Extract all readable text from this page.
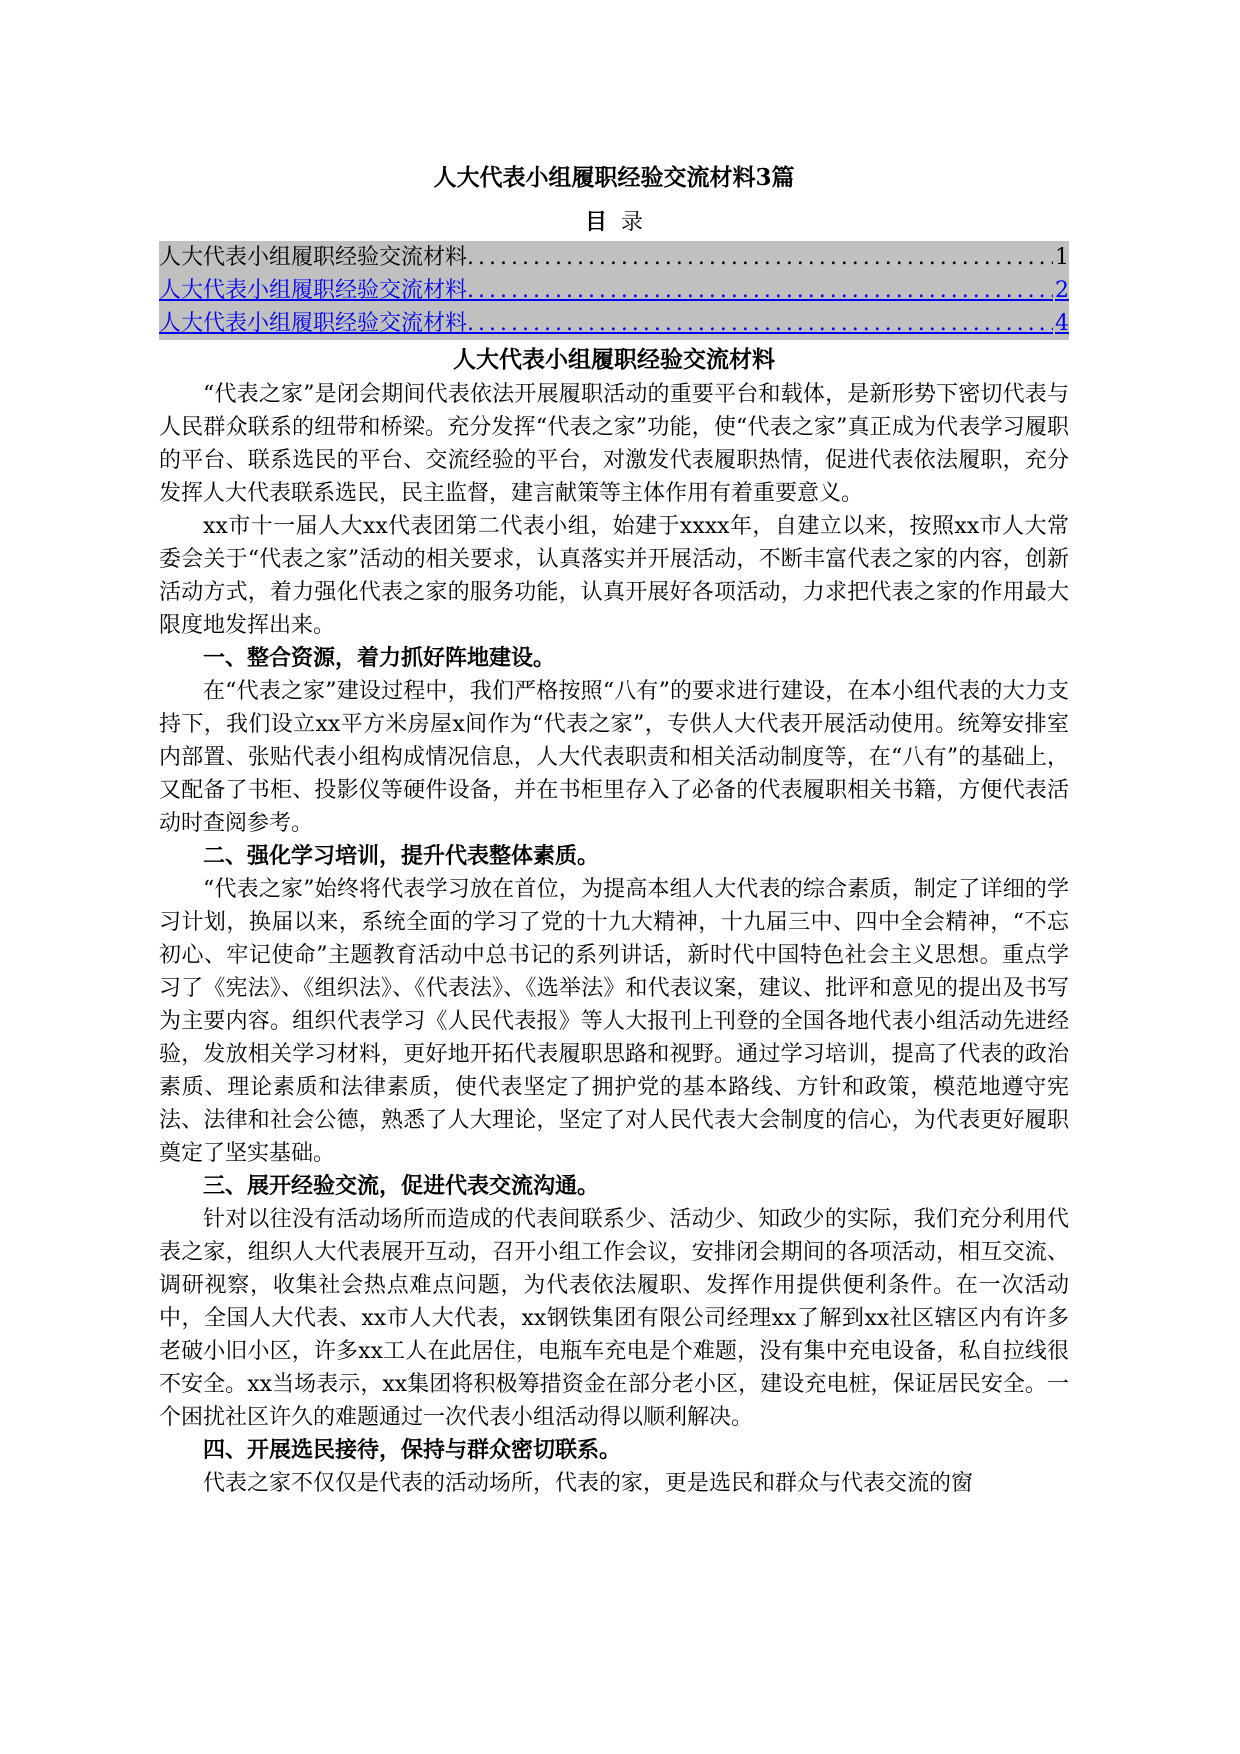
人大代表小组履职经验交流材料3篇
目 录
人大代表小组履职经验交流材料 .....	1
人大代表小组履职经验交流材料 .....	2
人大代表小组履职经验交流材料 .....	4
人大代表小组履职经验交流材料

“代表之家”是闭会期间代表依法开展履职活动的重要平台和载体，是新形势下密切代表与人民群众联系的纽带和桥梁。充分发挥“代表之家”功能，使“代表之家”真正成为代表学习履职的平台、联系选民的平台、交流经验的平台，对激发代表履职热情，促进代表依法履职，充分发挥人大代表联系选民，民主监督，建言献策等主体作用有着重要意义。

xx市十一届人大xx代表团第二代表小组，始建于xxxx年，自建立以来，按照xx市人大常委会关于“代表之家”活动的相关要求，认真落实并开展活动，不断丰富代表之家的内容，创新活动方式，着力强化代表之家的服务功能，认真开展好各项活动，力求把代表之家的作用最大限度地发挥出来。

一、整合资源，着力抓好阵地建设。

在“代表之家”建设过程中，我们严格按照“八有”的要求进行建设，在本小组代表的大力支持下，我们设立xx平方米房屋x间作为“代表之家”，专供人大代表开展活动使用。统筹安排室内部置、张贴代表小组构成情况信息，人大代表职责和相关活动制度等，在“八有”的基础上，又配备了书柜、投影仪等硬件设备，并在书柜里存入了必备的代表履职相关书籍，方便代表活动时查阅参考。

二、强化学习培训，提升代表整体素质。

“代表之家”始终将代表学习放在首位，为提高本组人大代表的综合素质，制定了详细的学习计划，换届以来，系统全面的学习了党的十九大精神，十九届三中、四中全会精神，“不忘初心、牢记使命”主题教育活动中总书记的系列讲话，新时代中国特色社会主义思想。重点学习了《宪法》、《组织法》、《代表法》、《选举法》和代表议案，建议、批评和意见的提出及书写为主要内容。组织代表学习《人民代表报》等人大报刊上刊登的全国各地代表小组活动先进经验，发放相关学习材料，更好地开拓代表履职思路和视野。通过学习培训，提高了代表的政治素质、理论素质和法律素质，使代表坚定了拥护党的基本路线、方针和政策，模范地遵守宪法、法律和社会公德，熟悉了人大理论，坚定了对人民代表大会制度的信心，为代表更好履职奠定了坚实基础。

三、展开经验交流，促进代表交流沟通。

针对以往没有活动场所而造成的代表间联系少、活动少、知政少的实际，我们充分利用代表之家，组织人大代表展开互动，召开小组工作会议，安排闭会期间的各项活动，相互交流、调研视察，收集社会热点难点问题，为代表依法履职、发挥作用提供便利条件。在一次活动中，全国人大代表、xx市人大代表，xx钢铁集团有限公司经理xx了解到xx社区辖区内有许多老破小旧小区，许多xx工人在此居住，电瓶车充电是个难题，没有集中充电设备，私自拉线很不安全。xx当场表示，xx集团将积极筹措资金在部分老小区，建设充电桩，保证居民安全。一个困扰社区许久的难题通过一次代表小组活动得以顺利解决。

四、开展选民接待，保持与群众密切联系。

代表之家不仅仅是代表的活动场所，代表的家，更是选民和群众与代表交流的窗
